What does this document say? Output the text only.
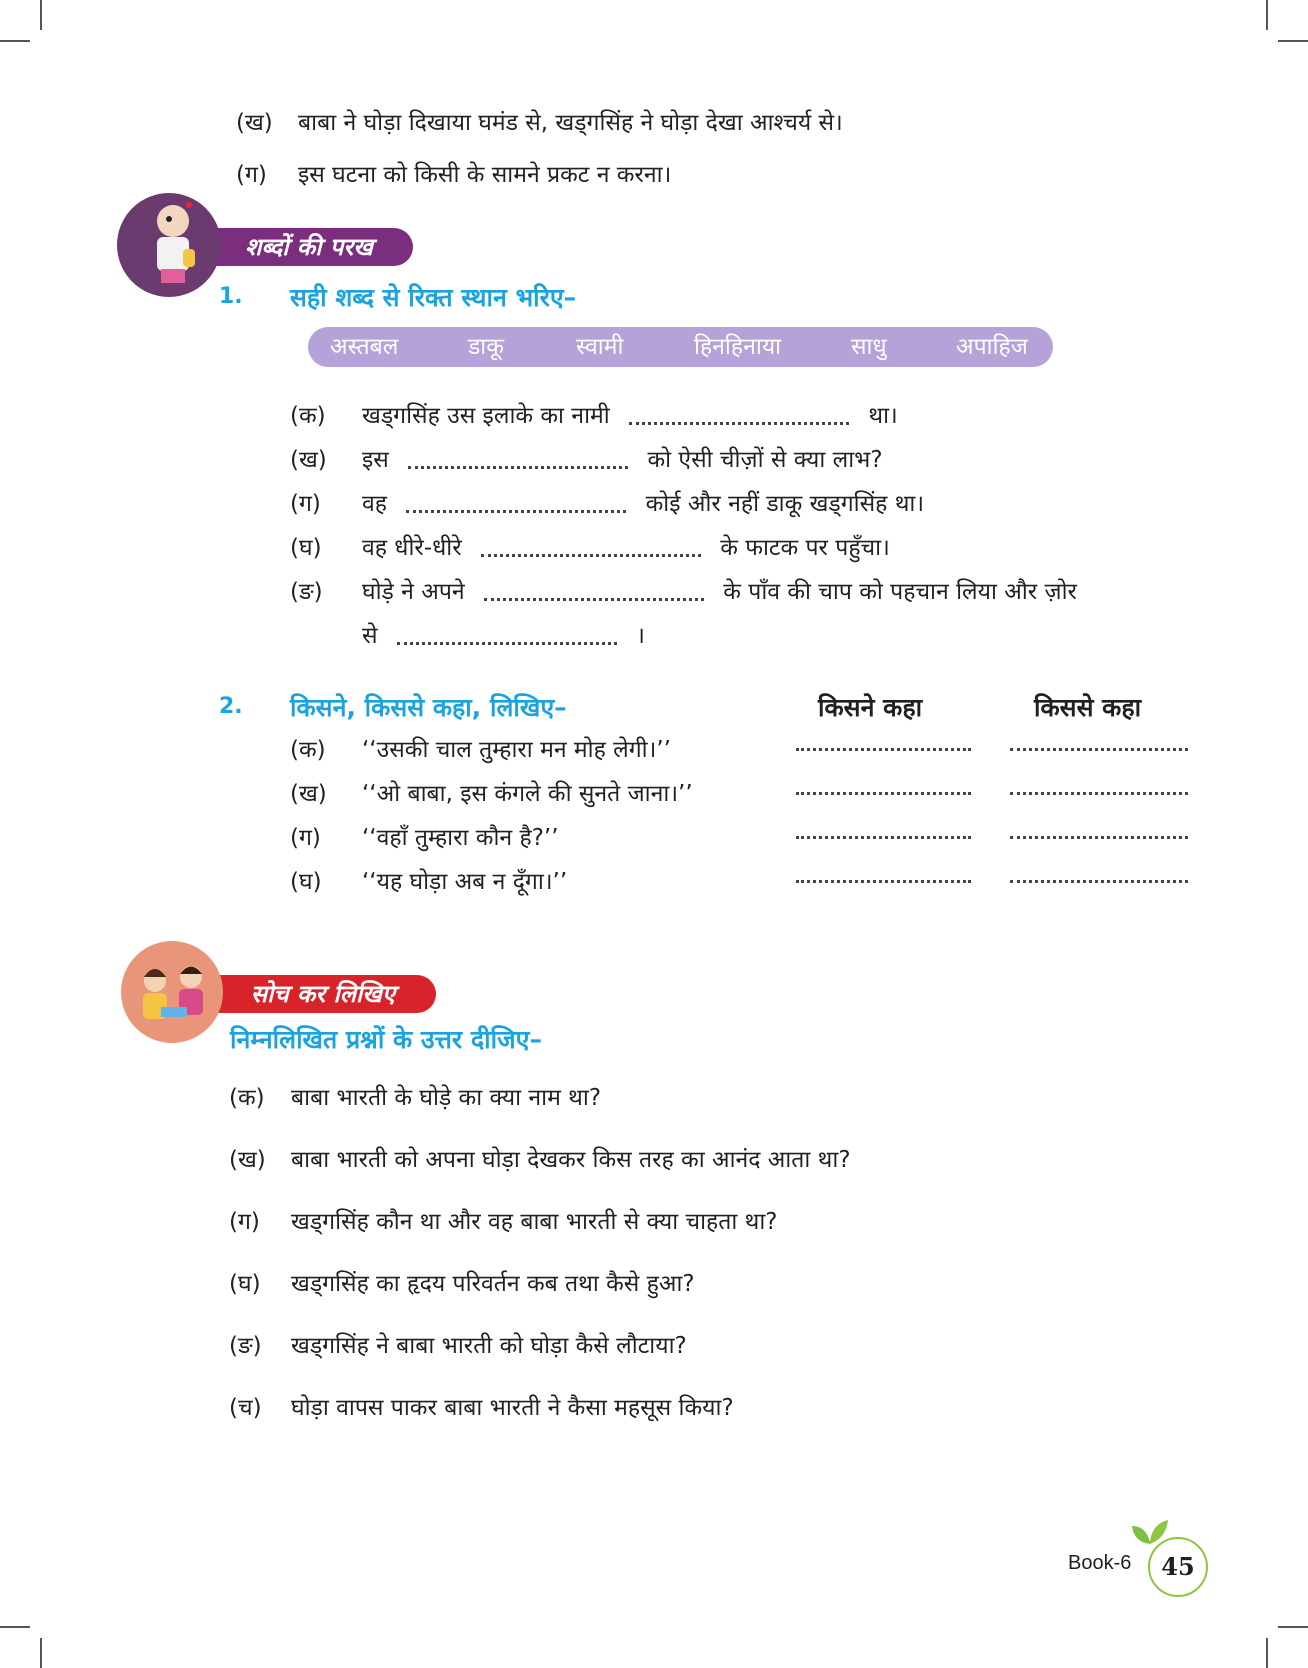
(ख) बाबा ने घोड़ा दिखाया घमंड से, खड्गसिंह ने घोड़ा देखा आश्चर्य से।
(ग) इस घटना को किसी के सामने प्रकट न करना।
शब्दों की परख
1. सही शब्द से रिक्त स्थान भरिए–
अस्तबल	डाकू	स्वामी	हिनहिनाया	साधु	अपाहिज
(क) खड्गसिंह उस इलाके का नामी	था।
(ख) इस	को ऐसी चीज़ों से क्या लाभ?
(ग) वह	कोई और नहीं डाकू खड्गसिंह था।
(घ) वह धीरे-धीरे	के फाटक पर पहुँचा।
(ङ) घोड़े ने अपने	के पाँव की चाप को पहचान लिया और ज़ोर
से	।
2. किसने, किससे कहा, लिखिए–	किसने कहा	किससे कहा
(क) ‘‘उसकी चाल तुम्हारा मन मोह लेगी।’’
(ख) ‘‘ओ बाबा, इस कंगले की सुनते जाना।’’
(ग) ‘‘वहाँ तुम्हारा कौन है?’’
(घ) ‘‘यह घोड़ा अब न दूँगा।’’
सोच कर लिखिए
निम्नलिखित प्रश्नों के उत्तर दीजिए–
(क) बाबा भारती के घोड़े का क्या नाम था?
(ख) बाबा भारती को अपना घोड़ा देखकर किस तरह का आनंद आता था?
(ग) खड्गसिंह कौन था और वह बाबा भारती से क्या चाहता था?
(घ) खड्गसिंह का हृदय परिवर्तन कब तथा कैसे हुआ?
(ङ) खड्गसिंह ने बाबा भारती को घोड़ा कैसे लौटाया?
(च) घोड़ा वापस पाकर बाबा भारती ने कैसा महसूस किया?
Book-6	45
